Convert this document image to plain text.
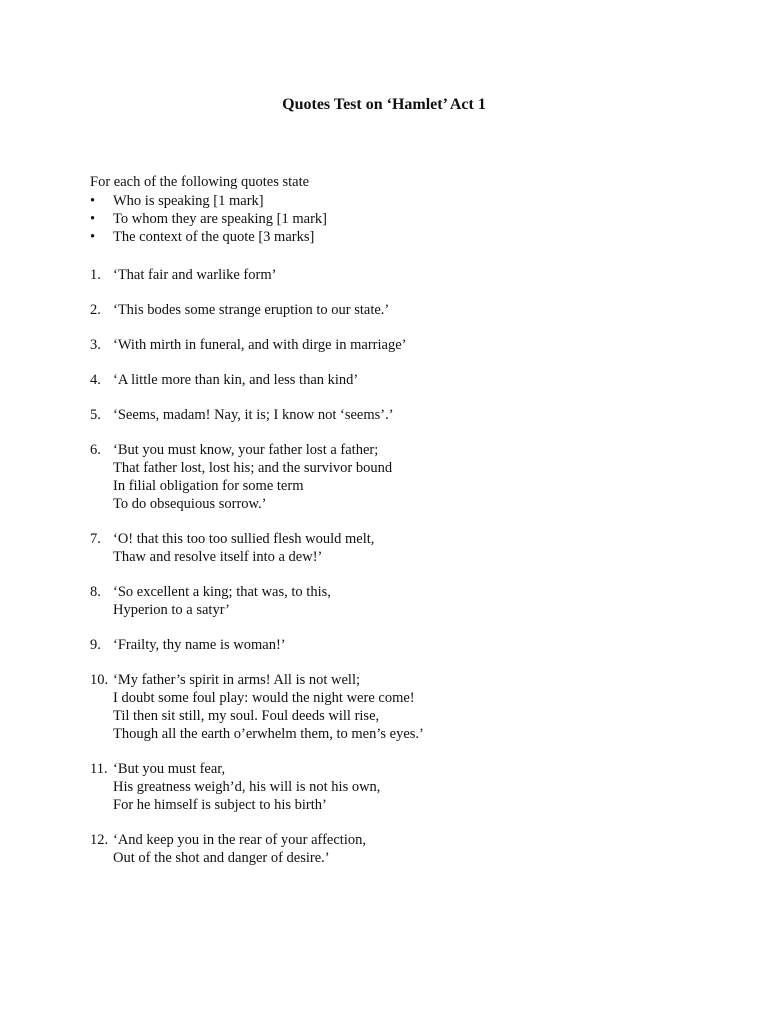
Quotes Test on ‘Hamlet’ Act 1

For each of the following quotes state

• Who is speaking [1 mark]
• To whom they are speaking [1 mark]
• The context of the quote [3 marks]
1. ‘That fair and warlike form’
2. ‘This bodes some strange eruption to our state.’
3. ‘With mirth in funeral, and with dirge in marriage’
4. ‘A little more than kin, and less than kind’
5. ‘Seems, madam! Nay, it is; I know not ‘seems’.’
6. ‘But you must know, your father lost a father;
That father lost, lost his; and the survivor bound
In filial obligation for some term
To do obsequious sorrow.’
7. ‘O! that this too too sullied flesh would melt,
Thaw and resolve itself into a dew!’
8. ‘So excellent a king; that was, to this,
Hyperion to a satyr’
9. ‘Frailty, thy name is woman!’
10. ‘My father’s spirit in arms! All is not well;
I doubt some foul play: would the night were come!
Til then sit still, my soul. Foul deeds will rise,
Though all the earth o’erwhelm them, to men’s eyes.’
11. ‘But you must fear,
His greatness weigh’d, his will is not his own,
For he himself is subject to his birth’
12. ‘And keep you in the rear of your affection,
Out of the shot and danger of desire.’
